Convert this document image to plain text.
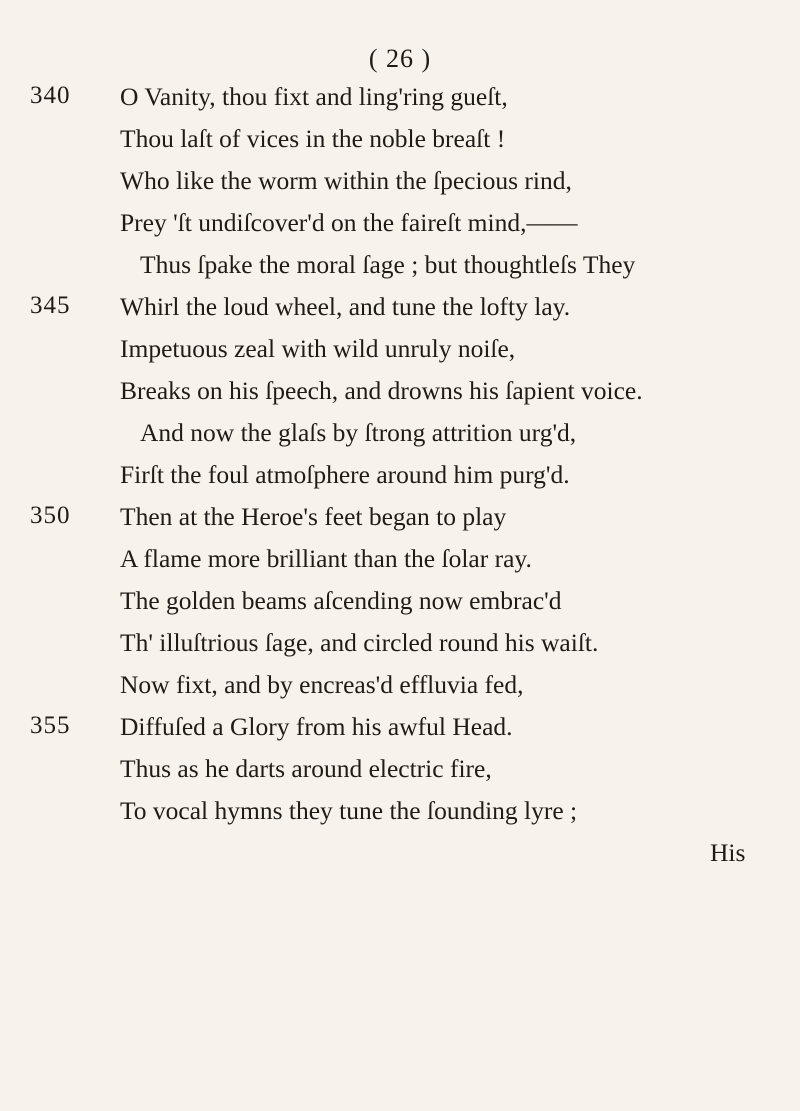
( 26 )
340 O Vanity, thou fixt and ling'ring gueſt,
Thou laſt of vices in the noble breaſt !
Who like the worm within the ſpecious rind,
Prey 'ſt undiſcover'd on the faireſt mind,——
Thus ſpake the moral ſage ; but thoughtleſs They
345 Whirl the loud wheel, and tune the lofty lay.
Impetuous zeal with wild unruly noiſe,
Breaks on his ſpeech, and drowns his ſapient voice.
And now the glaſs by ſtrong attrition urg'd,
Firſt the foul atmoſphere around him purg'd.
350 Then at the Heroe's feet began to play
A flame more brilliant than the ſolar ray.
The golden beams aſcending now embrac'd
Th' illuſtrious ſage, and circled round his waiſt.
Now fixt, and by encreas'd effluvia fed,
355 Diffuſed a Glory from his awful Head.
Thus as he darts around electric fire,
To vocal hymns they tune the ſounding lyre ;
His
